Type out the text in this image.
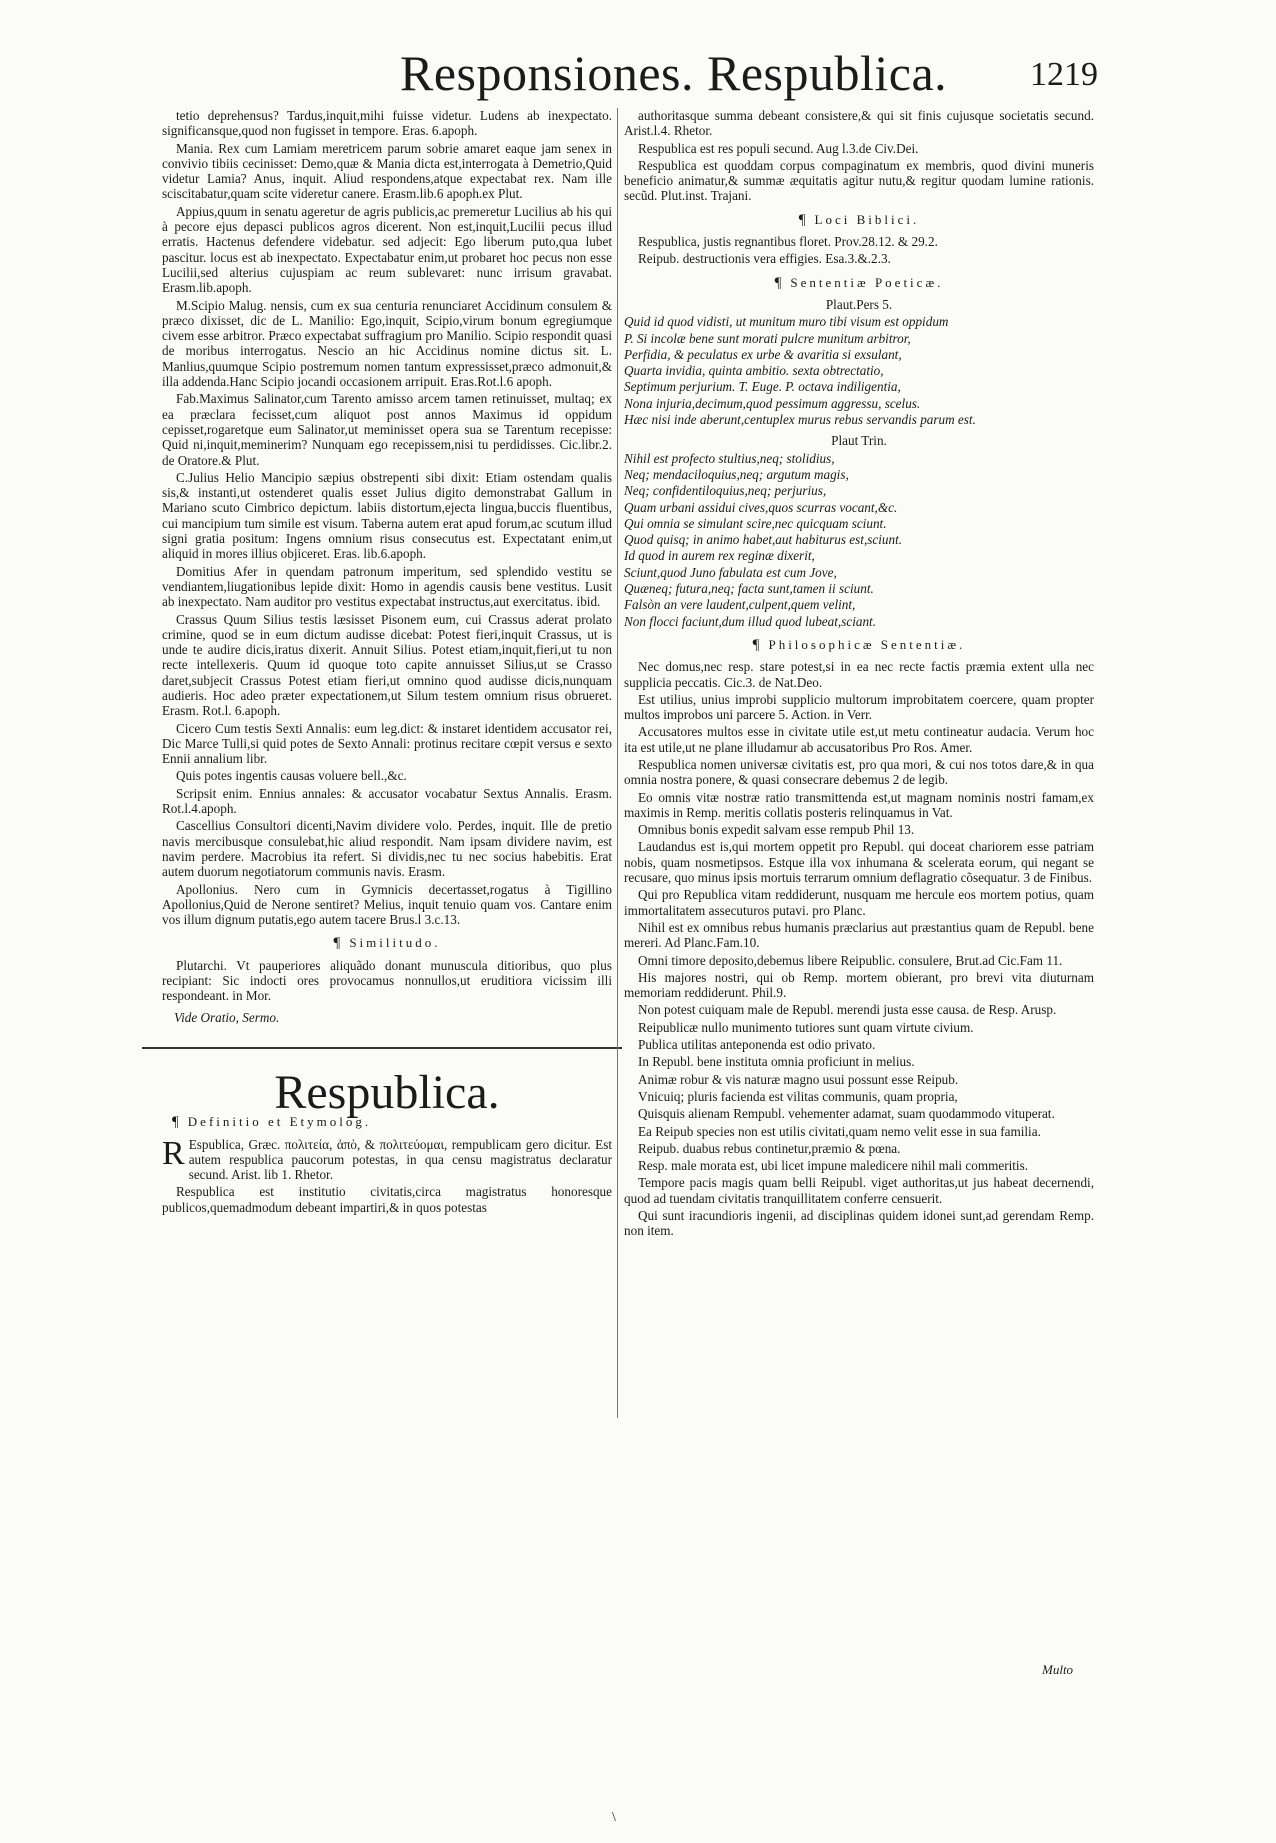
Responsiones. Respublica. 1219

tetio deprehensus? Tardus,inquit,mihi fuisse videtur. Ludens ab inexpectato. significansque,quod non fugisset in tempore. Eras. 6.apoph.

Mania. Rex cum Lamiam meretricem parum sobrie amaret eaque jam senex in convivio tibiis cecinisset: Demo,quæ & Mania dicta est,interrogata à Demetrio,Quid videtur Lamia? Anus, inquit. Aliud respondens,atque expectabat rex. Nam ille sciscitabatur,quam scite videretur canere. Erasm.lib.6 apoph.ex Plut.

Appius,quum in senatu ageretur de agris publicis,ac premeretur Lucilius ab his qui à pecore ejus depasci publicos agros dicerent. Non est,inquit,Lucilii pecus illud erratis. Hactenus defendere videbatur. sed adjecit: Ego liberum puto,qua lubet pascitur. locus est ab inexpectato. Expectabatur enim,ut probaret hoc pecus non esse Lucilii,sed alterius cujuspiam ac reum sublevaret: nunc irrisum gravabat. Erasm.lib.apoph.

M.Scipio Malug. nensis, cum ex sua centuria renunciaret Accidinum consulem & præco dixisset, dic de L. Manilio: Ego,inquit, Scipio,virum bonum egregiumque civem esse arbitror. Præco expectabat suffragium pro Manilio. Scipio respondit quasi de moribus interrogatus. Nescio an hic Accidinus nomine dictus sit. L. Manlius,quumque Scipio postremum nomen tantum expressisset,præco admonuit,& illa addenda.Hanc Scipio jocandi occasionem arripuit. Eras.Rot.l.6 apoph.

Fab.Maximus Salinator,cum Tarento amisso arcem tamen retinuisset, multaq; ex ea præclara fecisset,cum aliquot post annos Maximus id oppidum cepisset,rogaretque eum Salinator,ut meminisset opera sua se Tarentum recepisse: Quid ni,inquit,meminerim? Nunquam ego recepissem,nisi tu perdidisses. Cic.libr.2. de Oratore.& Plut.

C.Julius Helio Mancipio sæpius obstrepenti sibi dixit: Etiam ostendam qualis sis,& instanti,ut ostenderet qualis esset Julius digito demonstrabat Gallum in Mariano scuto Cimbrico depictum. labiis distortum,ejecta lingua,buccis fluentibus, cui mancipium tum simile est visum. Taberna autem erat apud forum,ac scutum illud signi gratia positum: Ingens omnium risus consecutus est. Expectatant enim,ut aliquid in mores illius objiceret. Eras. lib.6.apoph.

Domitius Afer in quendam patronum imperitum, sed splendido vestitu se vendiantem,liugationibus lepide dixit: Homo in agendis causis bene vestitus. Lusit ab inexpectato. Nam auditor pro vestitus expectabat instructus,aut exercitatus. ibid.

Crassus Quum Silius testis læsisset Pisonem eum, cui Crassus aderat prolato crimine, quod se in eum dictum audisse dicebat: Potest fieri,inquit Crassus, ut is unde te audire dicis,iratus dixerit. Annuit Silius. Potest etiam,inquit,fieri,ut tu non recte intellexeris. Quum id quoque toto capite annuisset Silius,ut se Crasso daret,subjecit Crassus Potest etiam fieri,ut omnino quod audisse dicis,nunquam audieris. Hoc adeo præter expectationem,ut Silum testem omnium risus obrueret. Erasm. Rot.l. 6.apoph.

Cicero Cum testis Sexti Annalis: eum leg.dict: & instaret identidem accusator rei, Dic Marce Tulli,si quid potes de Sexto Annali: protinus recitare cœpit versus e sexto Ennii annalium libr.

Quis potes ingentis causas voluere bell.,&c.

Scripsit enim. Ennius annales: & accusator vocabatur Sextus Annalis. Erasm. Rot.l.4.apoph.

Cascellius Consultori dicenti,Navim dividere volo. Perdes, inquit. Ille de pretio navis mercibusque consulebat,hic aliud respondit. Nam ipsam dividere navim, est navim perdere. Macrobius ita refert. Si dividis,nec tu nec socius habebitis. Erat autem duorum negotiatorum communis navis. Erasm.

Apollonius. Nero cum in Gymnicis decertasset,rogatus à Tigillino Apollonius,Quid de Nerone sentiret? Melius, inquit tenuio quam vos. Cantare enim vos illum dignum putatis,ego autem tacere Brus.l 3.c.13.

¶ Similitudo.

Plutarchi. Vt pauperiores aliquãdo donant munuscula ditioribus, quo plus recipiant: Sic indocti ores provocamus nonnullos,ut eruditiora vicissim illi respondeant. in Mor.

Vide Oratio, Sermo.

Respublica.
¶ Definitio et Etymolog.

R Espublica, Græc. πολιτεία, ἀπὸ, & πολιτεύομαι, rempublicam gero dicitur. Est autem respublica paucorum potestas, in qua censu magistratus declaratur secund. Arist. lib 1. Rhetor.

Respublica est institutio civitatis,circa magistratus honoresque publicos,quemadmodum debeant impartiri,& in quos potestas

authoritasque summa debeant consistere,& qui sit finis cujusque societatis secund. Arist.l.4. Rhetor.

Respublica est res populi secund. Aug l.3.de Civ.Dei.

Respublica est quoddam corpus compaginatum ex membris, quod divini muneris beneficio animatur,& summæ æquitatis agitur nutu,& regitur quodam lumine rationis. secũd. Plut.inst. Trajani.

¶ Loci Biblici.

Respublica, justis regnantibus floret. Prov.28.12. & 29.2.

Reipub. destructionis vera effigies. Esa.3.&.2.3.

¶ Sententiæ Poeticæ.
Plaut.Pers 5.

Quid id quod vidisti, ut munitum muro tibi visum est oppidum

P. Si incolæ bene sunt morati pulcre munitum arbitror,

Perfidia, & peculatus ex urbe & avaritia si exsulant,

Quarta invidia, quinta ambitio. sexta obtrectatio,

Septimum perjurium. T. Euge. P. octava indiligentia,

Nona injuria,decimum,quod pessimum aggressu, scelus.

Hæc nisi inde aberunt,centuplex murus rebus servandis parum est.

Plaut Trin.

Nihil est profecto stultius,neq; stolidius,

Neq; mendaciloquius,neq; argutum magis,

Neq; confidentiloquius,neq; perjurius,

Quam urbani assidui cives,quos scurras vocant,&c.

Qui omnia se simulant scire,nec quicquam sciunt.

Quod quisq; in animo habet,aut habiturus est,sciunt.

Id quod in aurem rex reginæ dixerit,

Sciunt,quod Juno fabulata est cum Jove,

Quæneq; futura,neq; facta sunt,tamen ii sciunt.

Falsòn an vere laudent,culpent,quem velint,

Non flocci faciunt,dum illud quod lubeat,sciant.

¶ Philosophicæ Sententiæ.

Nec domus,nec resp. stare potest,si in ea nec recte factis præmia extent ulla nec supplicia peccatis. Cic.3. de Nat.Deo.

Est utilius, unius improbi supplicio multorum improbitatem coercere, quam propter multos improbos uni parcere 5. Action. in Verr.

Accusatores multos esse in civitate utile est,ut metu contineatur audacia. Verum hoc ita est utile,ut ne plane illudamur ab accusatoribus Pro Ros. Amer.

Respublica nomen universæ civitatis est, pro qua mori, & cui nos totos dare,& in qua omnia nostra ponere, & quasi consecrare debemus 2 de legib.

Eo omnis vitæ nostræ ratio transmittenda est,ut magnam nominis nostri famam,ex maximis in Remp. meritis collatis posteris relinquamus in Vat.

Omnibus bonis expedit salvam esse rempub Phil 13.

Laudandus est is,qui mortem oppetit pro Republ. qui doceat chariorem esse patriam nobis, quam nosmetipsos. Estque illa vox inhumana & scelerata eorum, qui negant se recusare, quo minus ipsis mortuis terrarum omnium deflagratio cõsequatur. 3 de Finibus.

Qui pro Republica vitam reddiderunt, nusquam me hercule eos mortem potius, quam immortalitatem assecuturos putavi. pro Planc.

Nihil est ex omnibus rebus humanis præclarius aut præstantius quam de Republ. bene mereri. Ad Planc.Fam.10.

Omni timore deposito,debemus libere Reipublic. consulere, Brut.ad Cic.Fam 11.

His majores nostri, qui ob Remp. mortem obierant, pro brevi vita diuturnam memoriam reddiderunt. Phil.9.

Non potest cuiquam male de Republ. merendi justa esse causa. de Resp. Arusp.

Reipublicæ nullo munimento tutiores sunt quam virtute civium.

Publica utilitas anteponenda est odio privato.

In Republ. bene instituta omnia proficiunt in melius.

Animæ robur & vis naturæ magno usui possunt esse Reipub.

Vnicuiq; pluris facienda est vilitas communis, quam propria,

Quisquis alienam Rempubl. vehementer adamat, suam quodammodo vituperat.

Ea Reipub species non est utilis civitati,quam nemo velit esse in sua familia.

Reipub. duabus rebus continetur,præmio & pœna.

Resp. male morata est, ubi licet impune maledicere nihil mali commeritis.

Tempore pacis magis quam belli Reipubl. viget authoritas,ut jus habeat decernendi, quod ad tuendam civitatis tranquillitatem conferre censuerit.

Qui sunt iracundioris ingenii, ad disciplinas quidem idonei sunt,ad gerendam Remp. non item.

Multo
\
